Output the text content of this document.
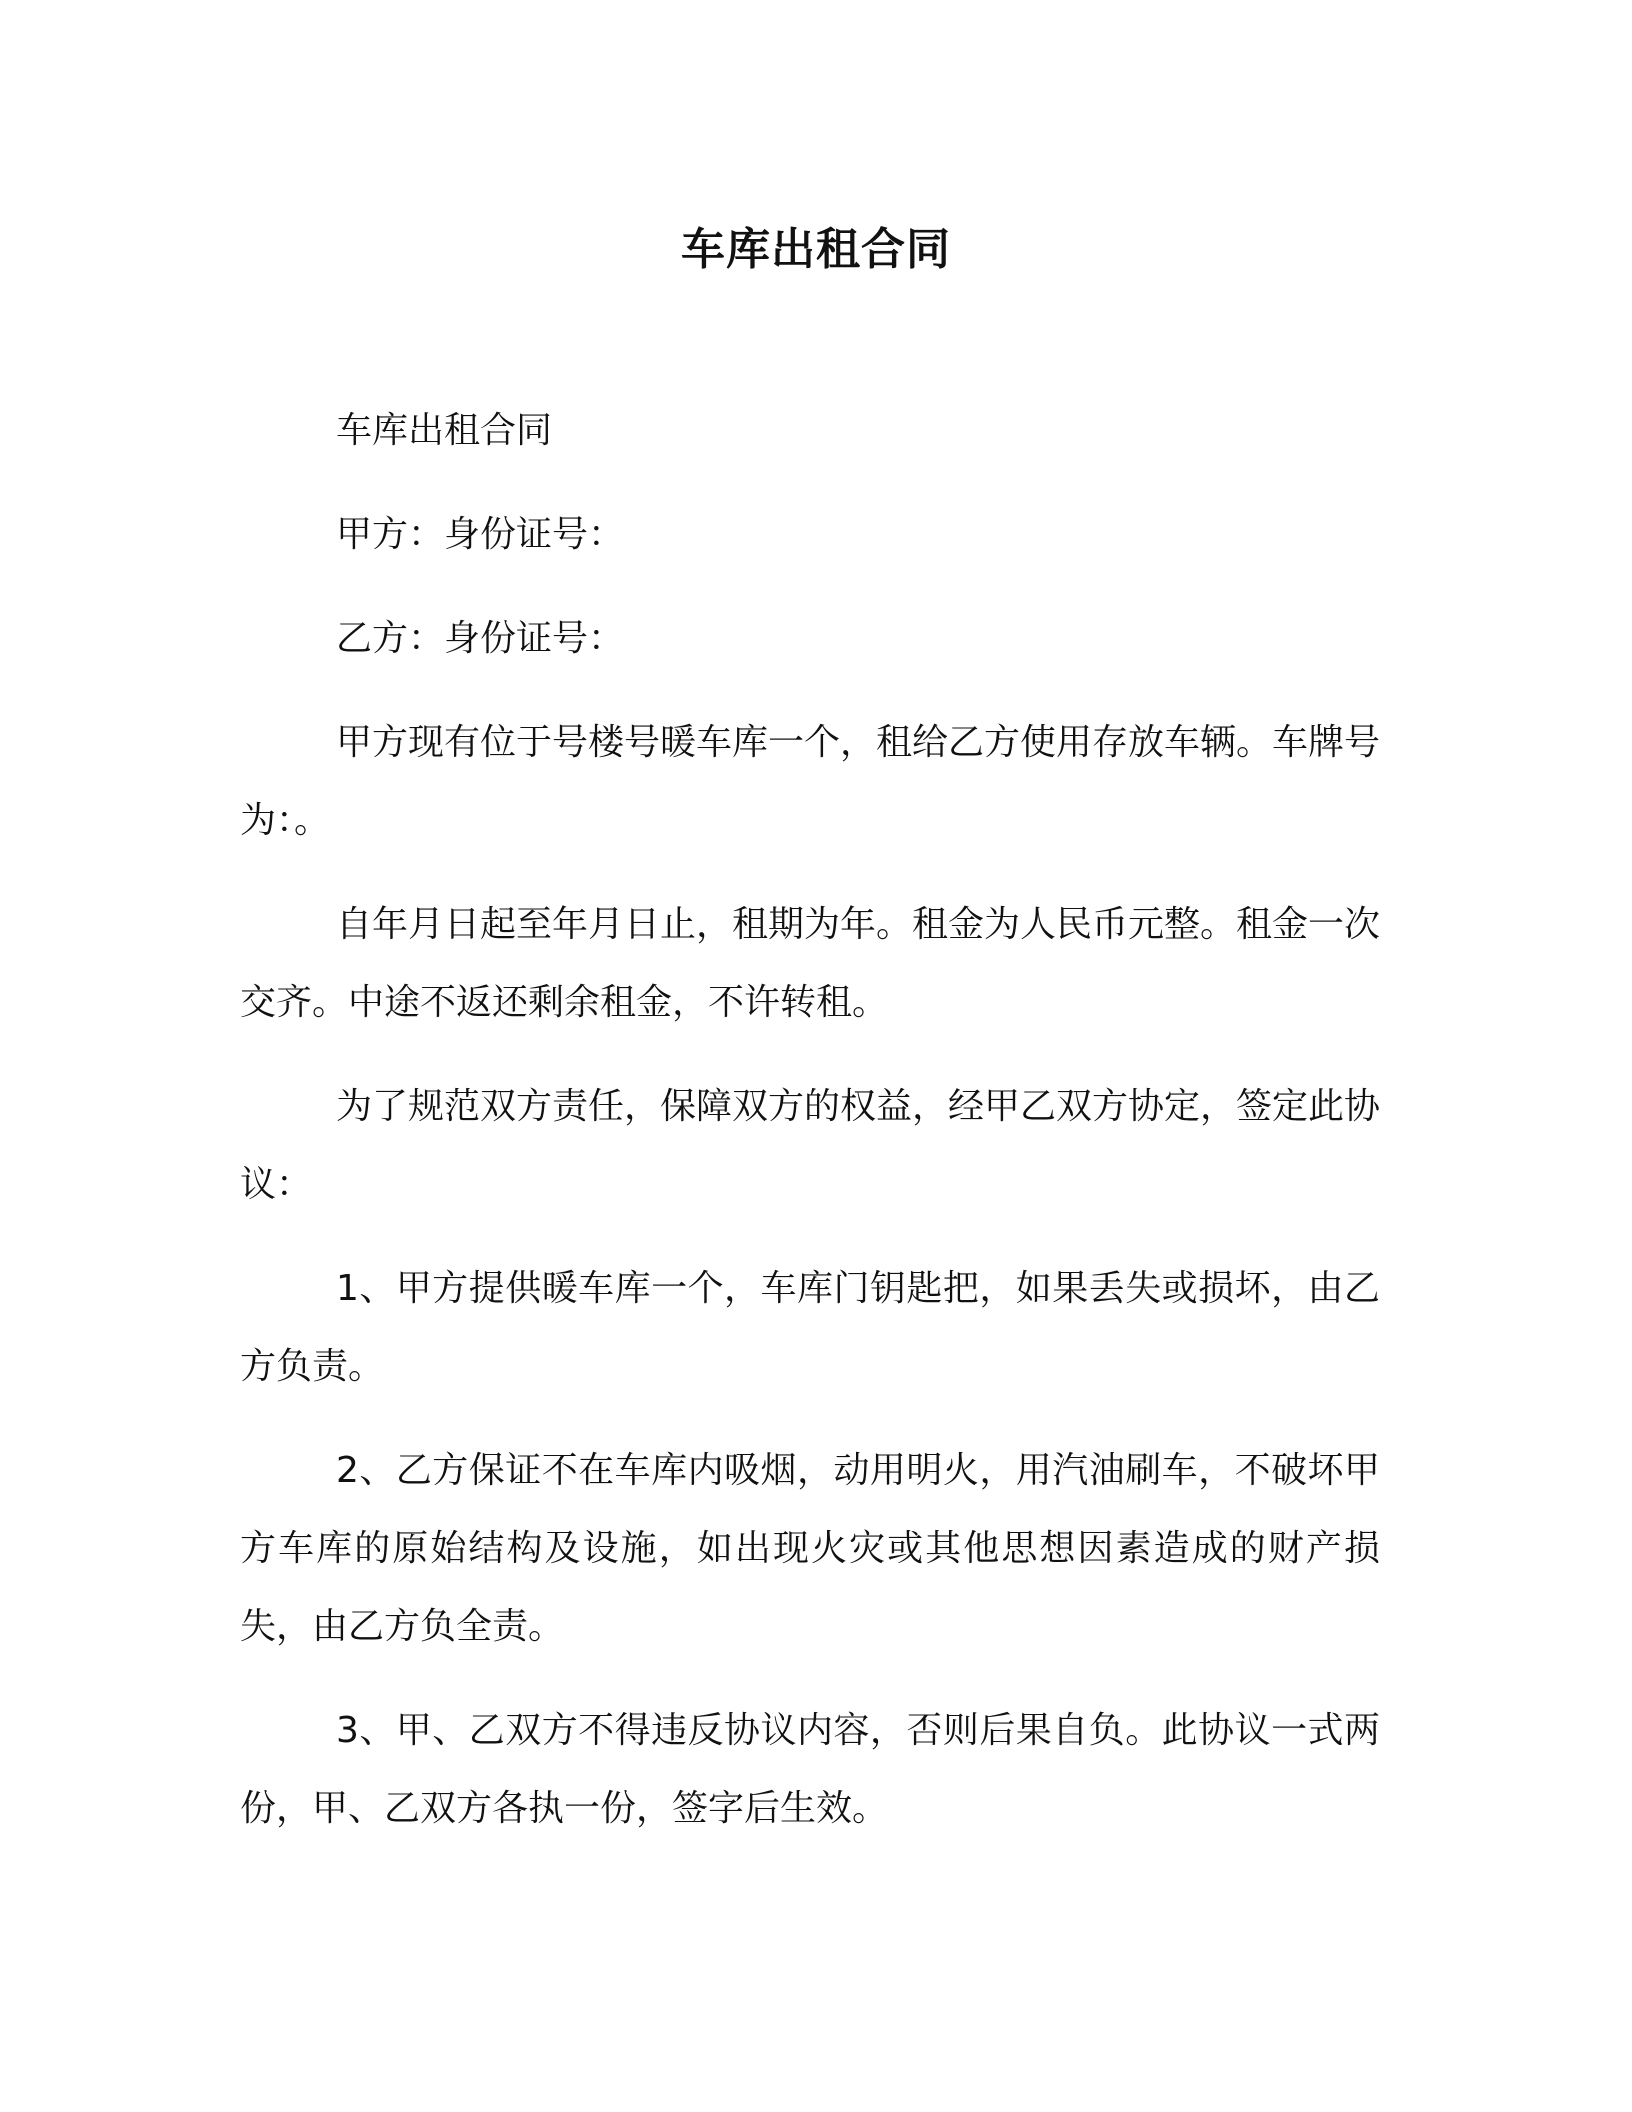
车库出租合同

车库出租合同

甲方：身份证号：

乙方：身份证号：

甲方现有位于号楼号暖车库一个，租给乙方使用存放车辆。车牌号为：。

自年月日起至年月日止，租期为年。租金为人民币元整。租金一次交齐。中途不返还剩余租金，不许转租。

为了规范双方责任，保障双方的权益，经甲乙双方协定，签定此协议：

1、甲方提供暖车库一个，车库门钥匙把，如果丢失或损坏，由乙方负责。

2、乙方保证不在车库内吸烟，动用明火，用汽油刷车，不破坏甲方车库的原始结构及设施，如出现火灾或其他思想因素造成的财产损失，由乙方负全责。

3、甲、乙双方不得违反协议内容，否则后果自负。此协议一式两份，甲、乙双方各执一份，签字后生效。
